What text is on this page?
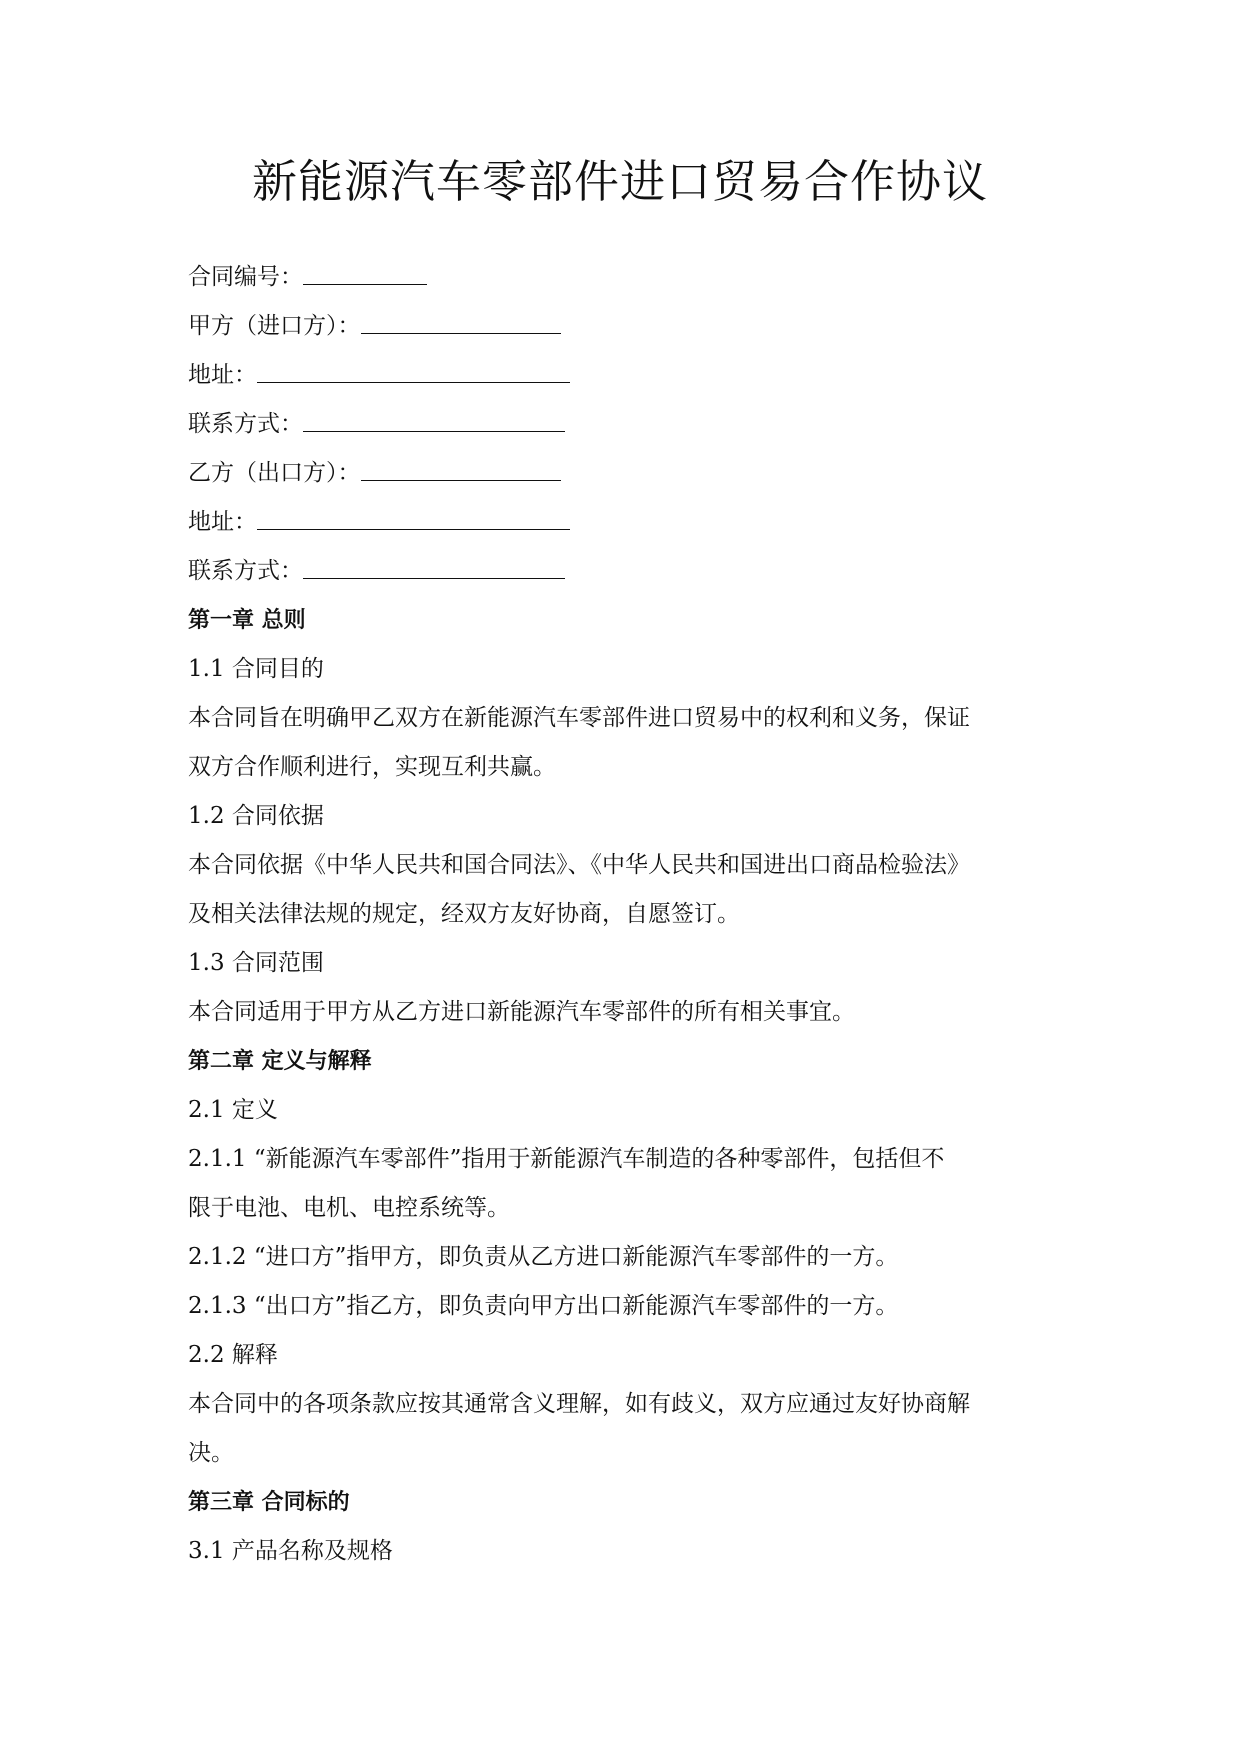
新能源汽车零部件进口贸易合作协议
合同编号：
甲方（进口方）：
地址：
联系方式：
乙方（出口方）：
地址：
联系方式：
第一章 总则
1.1 合同目的
本合同旨在明确甲乙双方在新能源汽车零部件进口贸易中的权利和义务，保证
双方合作顺利进行，实现互利共赢。
1.2 合同依据
本合同依据《中华人民共和国合同法》、《中华人民共和国进出口商品检验法》
及相关法律法规的规定，经双方友好协商，自愿签订。
1.3 合同范围
本合同适用于甲方从乙方进口新能源汽车零部件的所有相关事宜。
第二章 定义与解释
2.1 定义
2.1.1 “新能源汽车零部件”指用于新能源汽车制造的各种零部件，包括但不
限于电池、电机、电控系统等。
2.1.2 “进口方”指甲方，即负责从乙方进口新能源汽车零部件的一方。
2.1.3 “出口方”指乙方，即负责向甲方出口新能源汽车零部件的一方。
2.2 解释
本合同中的各项条款应按其通常含义理解，如有歧义，双方应通过友好协商解
决。
第三章 合同标的
3.1 产品名称及规格
